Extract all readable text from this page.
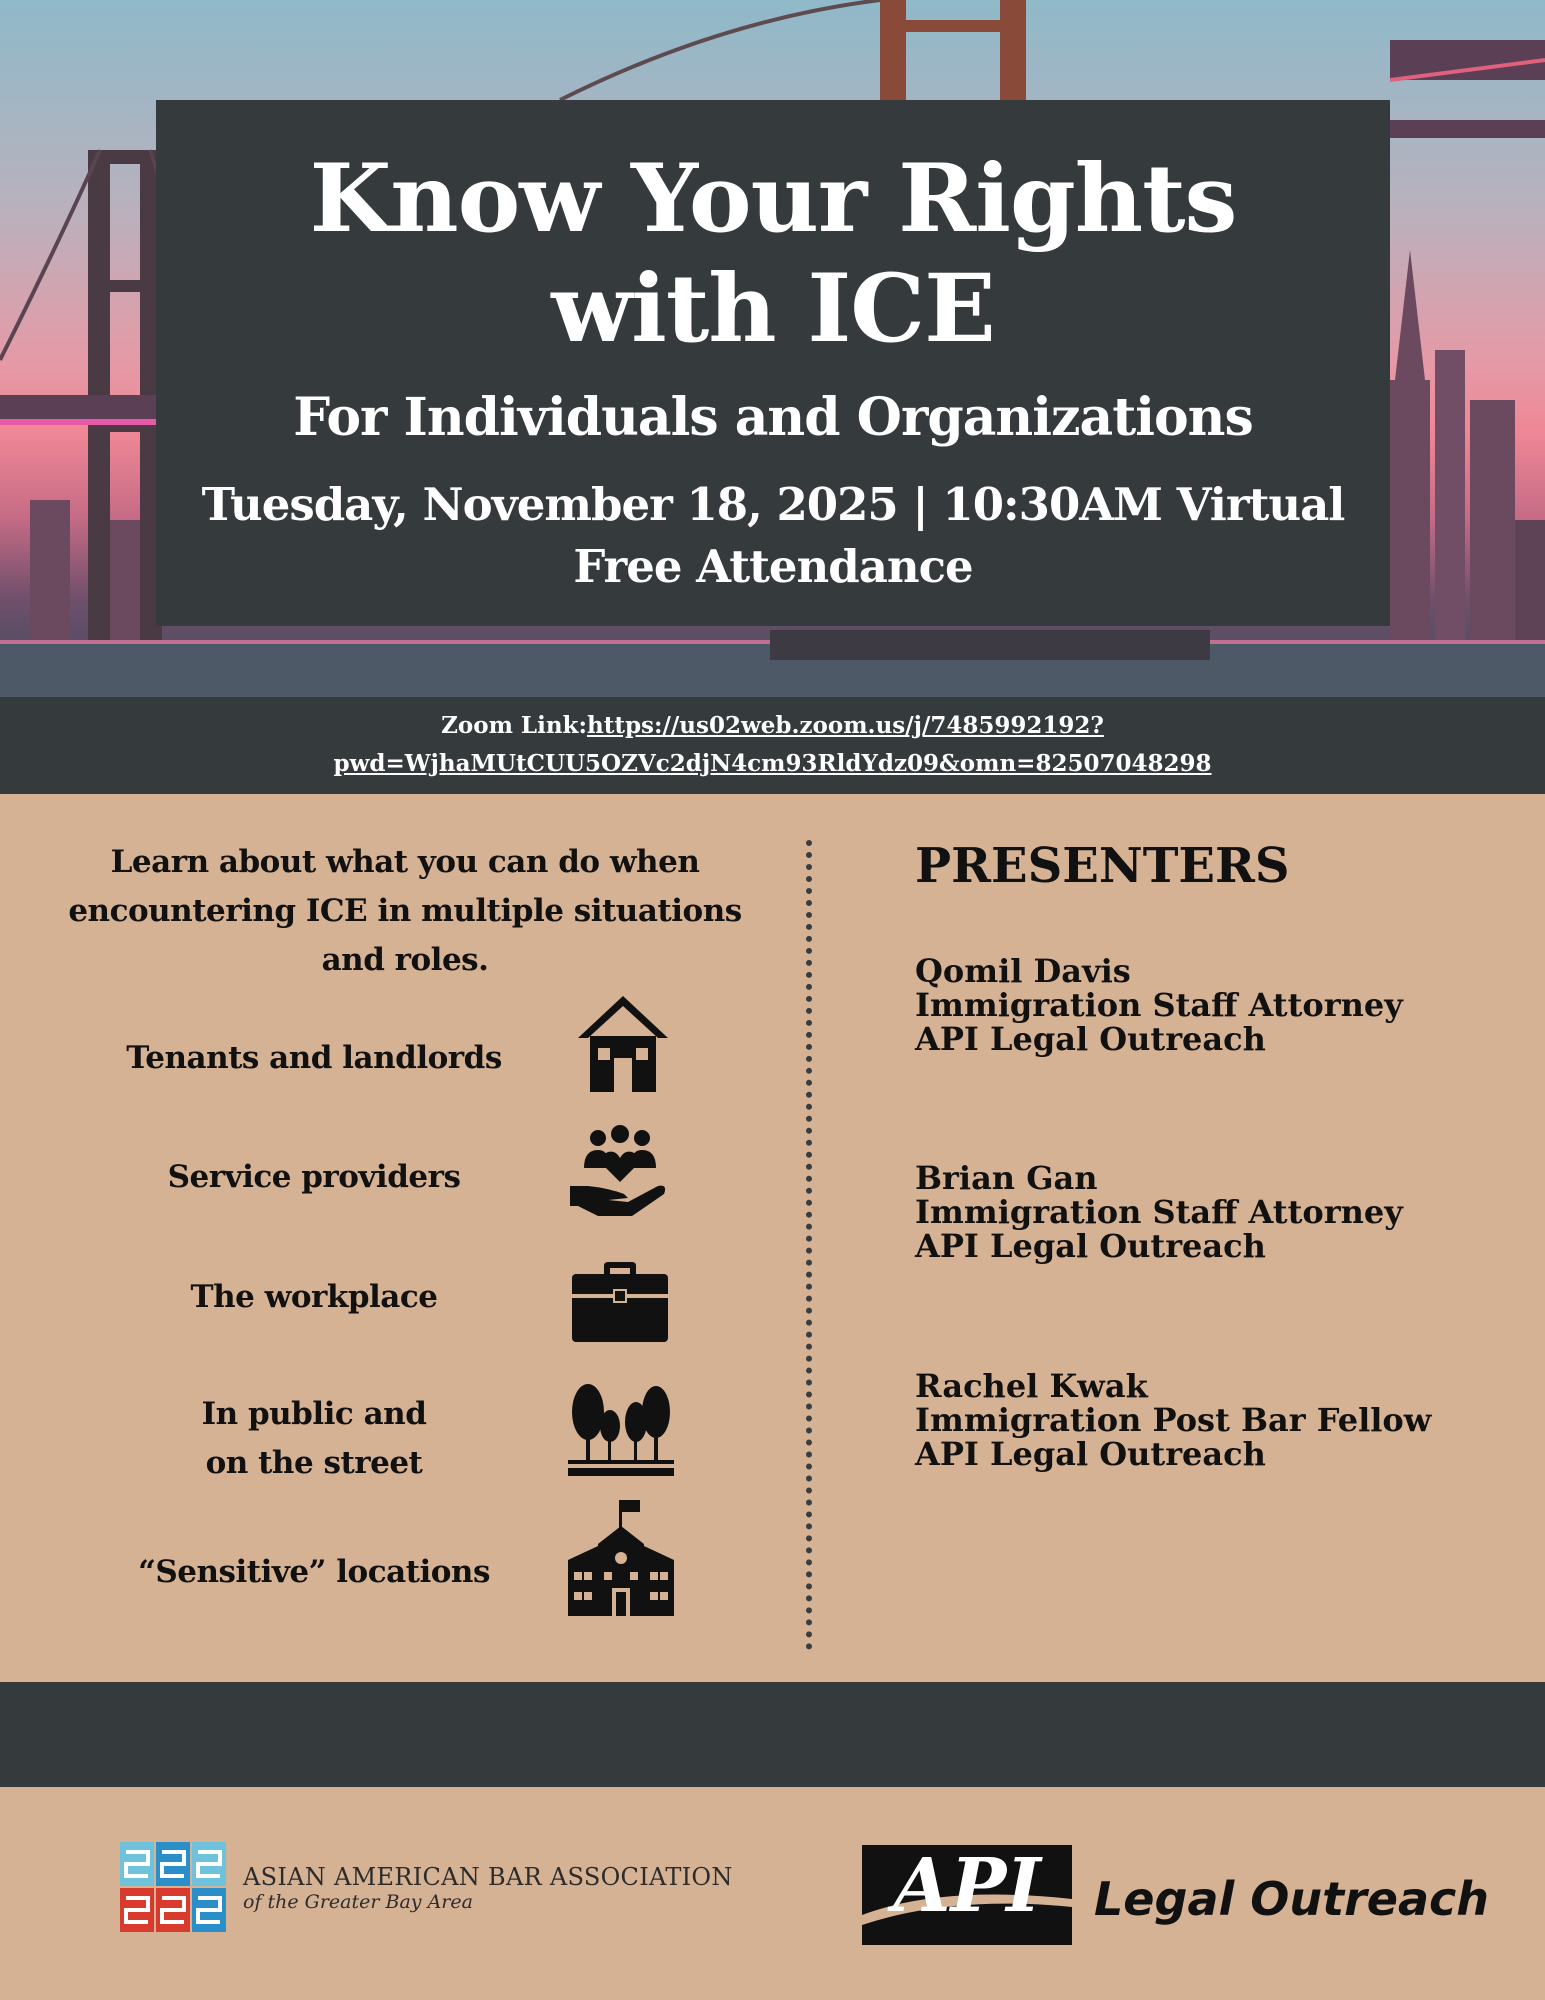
Know Your Rights
with ICE
For Individuals and Organizations
Tuesday, November 18, 2025 | 10:30AM Virtual
Free Attendance
Zoom Link:https://us02web.zoom.us/j/7485992192?
pwd=WjhaMUtCUU5OZVc2djN4cm93RldYdz09&omn=82507048298
Learn about what you can do when encountering ICE in multiple situations and roles.
Tenants and landlords
Service providers
The workplace
In public and
on the street
“Sensitive” locations
PRESENTERS
Qomil Davis
Immigration Staff Attorney
API Legal Outreach
Brian Gan
Immigration Staff Attorney
API Legal Outreach
Rachel Kwak
Immigration Post Bar Fellow
API Legal Outreach
ASIAN AMERICAN BAR ASSOCIATION
of the Greater Bay Area	API Legal Outreach
